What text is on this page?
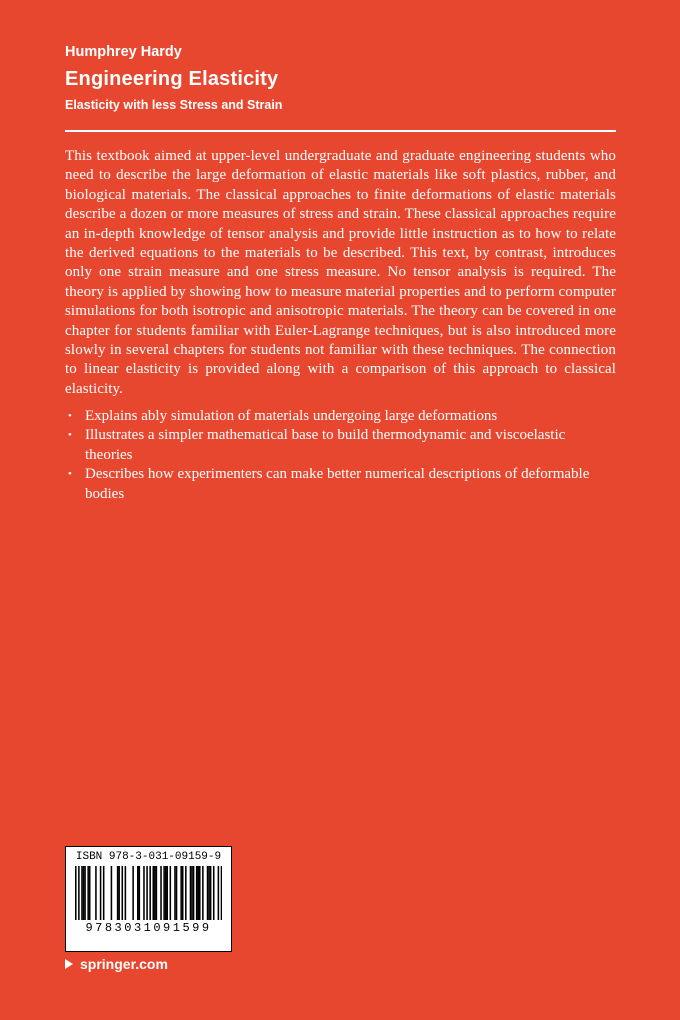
Humphrey Hardy

Engineering Elasticity

Elasticity with less Stress and Strain

This textbook aimed at upper-level undergraduate and graduate engineering students who need to describe the large deformation of elastic materials like soft plastics, rubber, and biological materials. The classical approaches to finite deformations of elastic materials describe a dozen or more measures of stress and strain. These classical approaches require an in-depth knowledge of tensor analysis and provide little instruction as to how to relate the derived equations to the materials to be described. This text, by contrast, introduces only one strain measure and one stress measure. No tensor analysis is required. The theory is applied by showing how to measure material properties and to perform computer simulations for both isotropic and anisotropic materials. The theory can be covered in one chapter for students familiar with Euler-Lagrange techniques, but is also introduced more slowly in several chapters for students not familiar with these techniques. The connection to linear elasticity is provided along with a comparison of this approach to classical elasticity.
• Explains ably simulation of materials undergoing large deformations
• Illustrates a simpler mathematical base to build thermodynamic and viscoelastic theories
• Describes how experimenters can make better numerical descriptions of deformable bodies
ISBN 978-3-031-09159-9
9783031091599
springer.com
